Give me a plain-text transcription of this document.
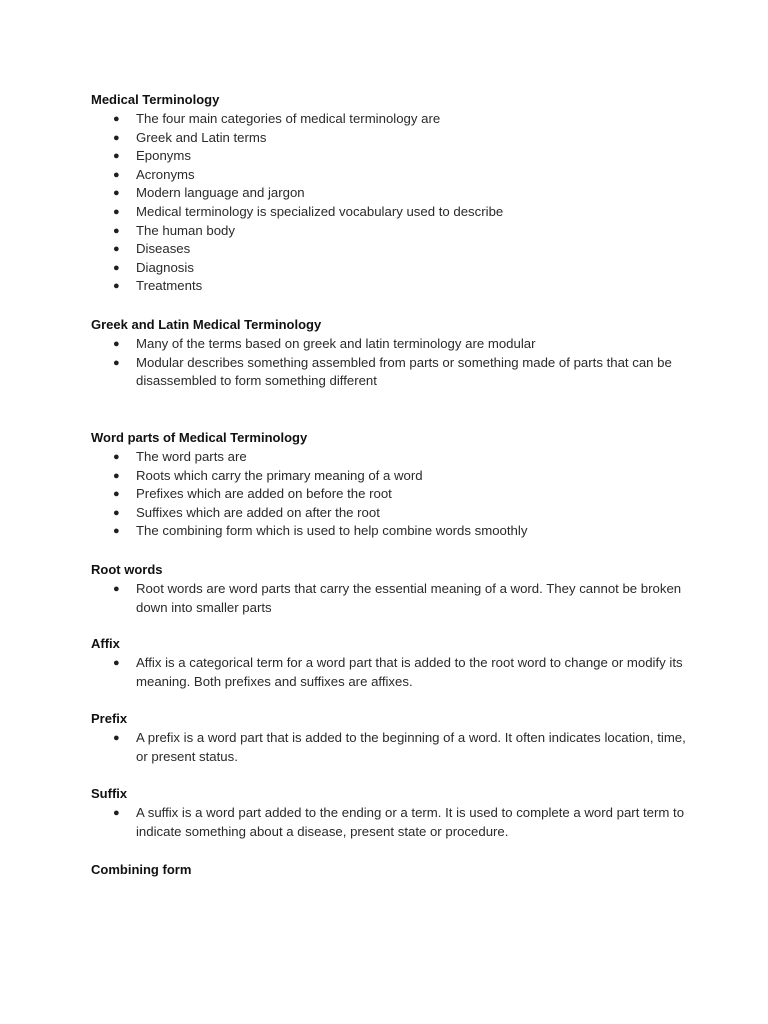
Medical Terminology
● The four main categories of medical terminology are
● Greek and Latin terms
● Eponyms
● Acronyms
● Modern language and jargon
● Medical terminology is specialized vocabulary used to describe
● The human body
● Diseases
● Diagnosis
● Treatments
Greek and Latin Medical Terminology
● Many of the terms based on greek and latin terminology are modular
● Modular describes something assembled from parts or something made of parts that can be disassembled to form something different
Word parts of Medical Terminology
● The word parts are
● Roots which carry the primary meaning of a word
● Prefixes which are added on before the root
● Suffixes which are added on after the root
● The combining form which is used to help combine words smoothly
Root words
● Root words are word parts that carry the essential meaning of a word. They cannot be broken down into smaller parts
Affix
● Affix is a categorical term for a word part that is added to the root word to change or modify its meaning. Both prefixes and suffixes are affixes.
Prefix
● A prefix is a word part that is added to the beginning of a word. It often indicates location, time, or present status.
Suffix
● A suffix is a word part added to the ending or a term. It is used to complete a word part term to indicate something about a disease, present state or procedure.
Combining form
